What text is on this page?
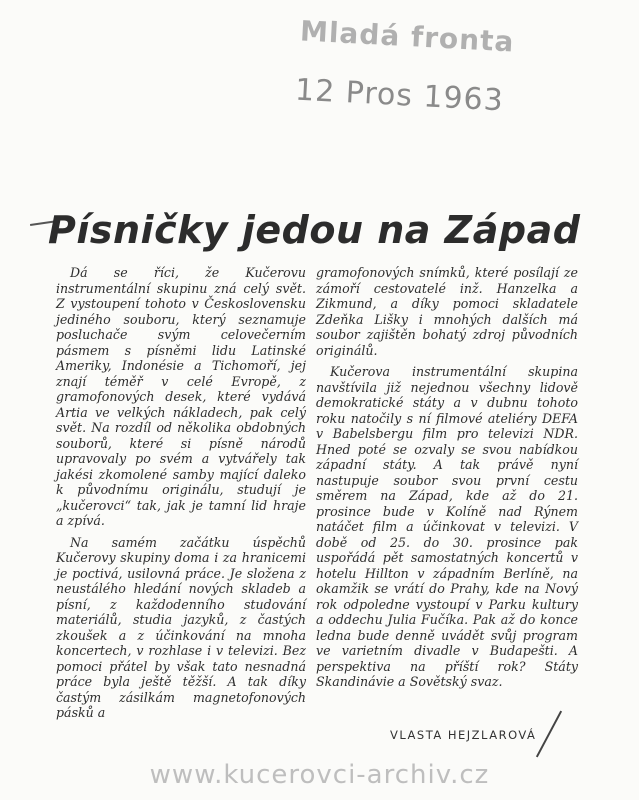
Mladá fronta
12 Pros 1963
Písničky jedou na Západ

Dá se říci, že Kučerovu instrumentální skupinu zná celý svět. Z vystoupení tohoto v Československu jediného souboru, který seznamuje posluchače svým celovečerním pásmem s písněmi lidu Latinské Ameriky, Indonésie a Tichomoří, jej znají téměř v celé Evropě, z gramofonových desek, které vydává Artia ve velkých nákladech, pak celý svět. Na rozdíl od několika obdobných souborů, které si písně národů upravovaly po svém a vytvářely tak jakési zkomolené samby mající daleko k původnímu originálu, studují je „kučerovci“ tak, jak je tamní lid hraje a zpívá.

Na samém začátku úspěchů Kučerovy skupiny doma i za hranicemi je poctivá, usilovná práce. Je složena z neustálého hledání nových skladeb a písní, z každodenního studování materiálů, studia jazyků, z častých zkoušek a z účinkování na mnoha koncertech, v rozhlase i v televizi. Bez pomoci přátel by však tato nesnadná práce byla ještě těžší. A tak díky častým zásilkám magnetofonových pásků a

gramofonových snímků, které posílají ze zámoří cestovatelé inž. Hanzelka a Zikmund, a díky pomoci skladatele Zdeňka Lišky i mnohých dalších má soubor zajištěn bohatý zdroj původních originálů.

Kučerova instrumentální skupina navštívila již nejednou všechny lidově demokratické státy a v dubnu tohoto roku natočily s ní filmové ateliéry DEFA v Babelsbergu film pro televizi NDR. Hned poté se ozvaly se svou nabídkou západní státy. A tak právě nyní nastupuje soubor svou první cestu směrem na Západ, kde až do 21. prosince bude v Kolíně nad Rýnem natáčet film a účinkovat v televizi. V době od 25. do 30. prosince pak uspořádá pět samostatných koncertů v hotelu Hillton v západním Berlíně, na okamžik se vrátí do Prahy, kde na Nový rok odpoledne vystoupí v Parku kultury a oddechu Julia Fučíka. Pak až do konce ledna bude denně uvádět svůj program ve varietním divadle v Budapešti. A perspektiva na příští rok? Státy Skandinávie a Sovětský svaz.

VLASTA HEJZLAROVÁ
www.kucerovci-archiv.cz
